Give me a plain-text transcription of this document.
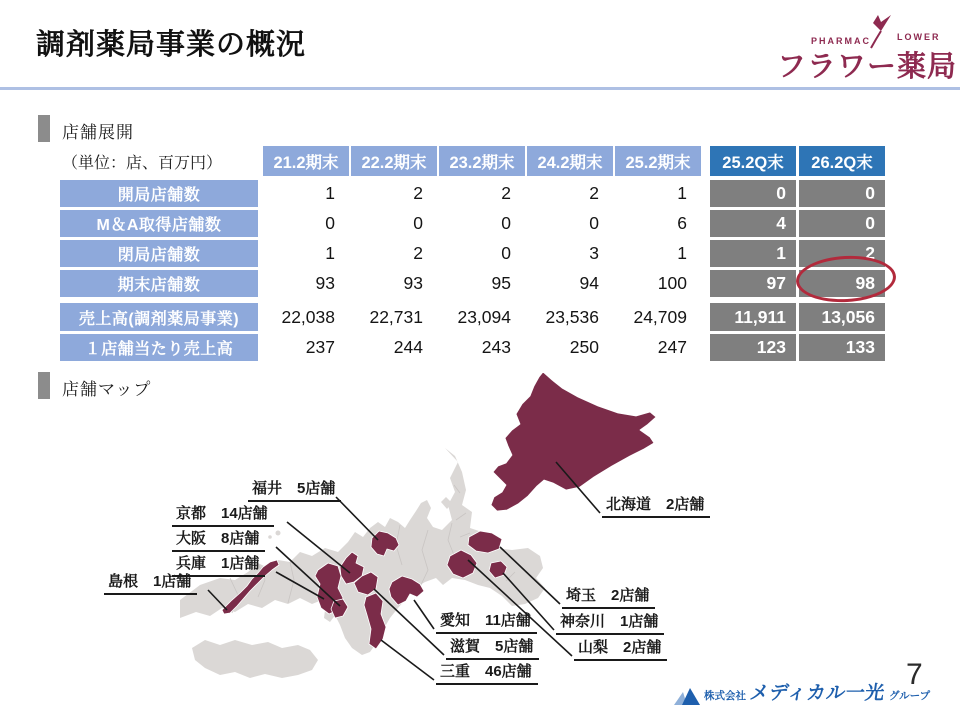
調剤薬局事業の概況	PHARMAC	LOWER
フラワー薬局
店舗展開
（単位：店、百万円）	21.2期末	22.2期末	23.2期末	24.2期末	25.2期末	25.2Q末	26.2Q末
開局店舗数	1	2	2	2	1	0	0
M＆A取得店舗数	0	0	0	0	6	4	0
閉局店舗数	1	2	0	3	1	1	2
期末店舗数	93	93	95	94	100	97	98
売上高(調剤薬局事業)	22,038	22,731	23,094	23,536	24,709	11,911	13,056
１店舗当たり売上高	237	244	243	250	247	123	133
店舗マップ
福井　5店舗
京都　14店舗
大阪　8店舗
兵庫　1店舗
島根　1店舗
愛知　11店舗
滋賀　5店舗
三重　46店舗
埼玉　2店舗
神奈川　1店舗
山梨　2店舗
北海道　2店舗
株式会社 メディカル一光 グループ
7
